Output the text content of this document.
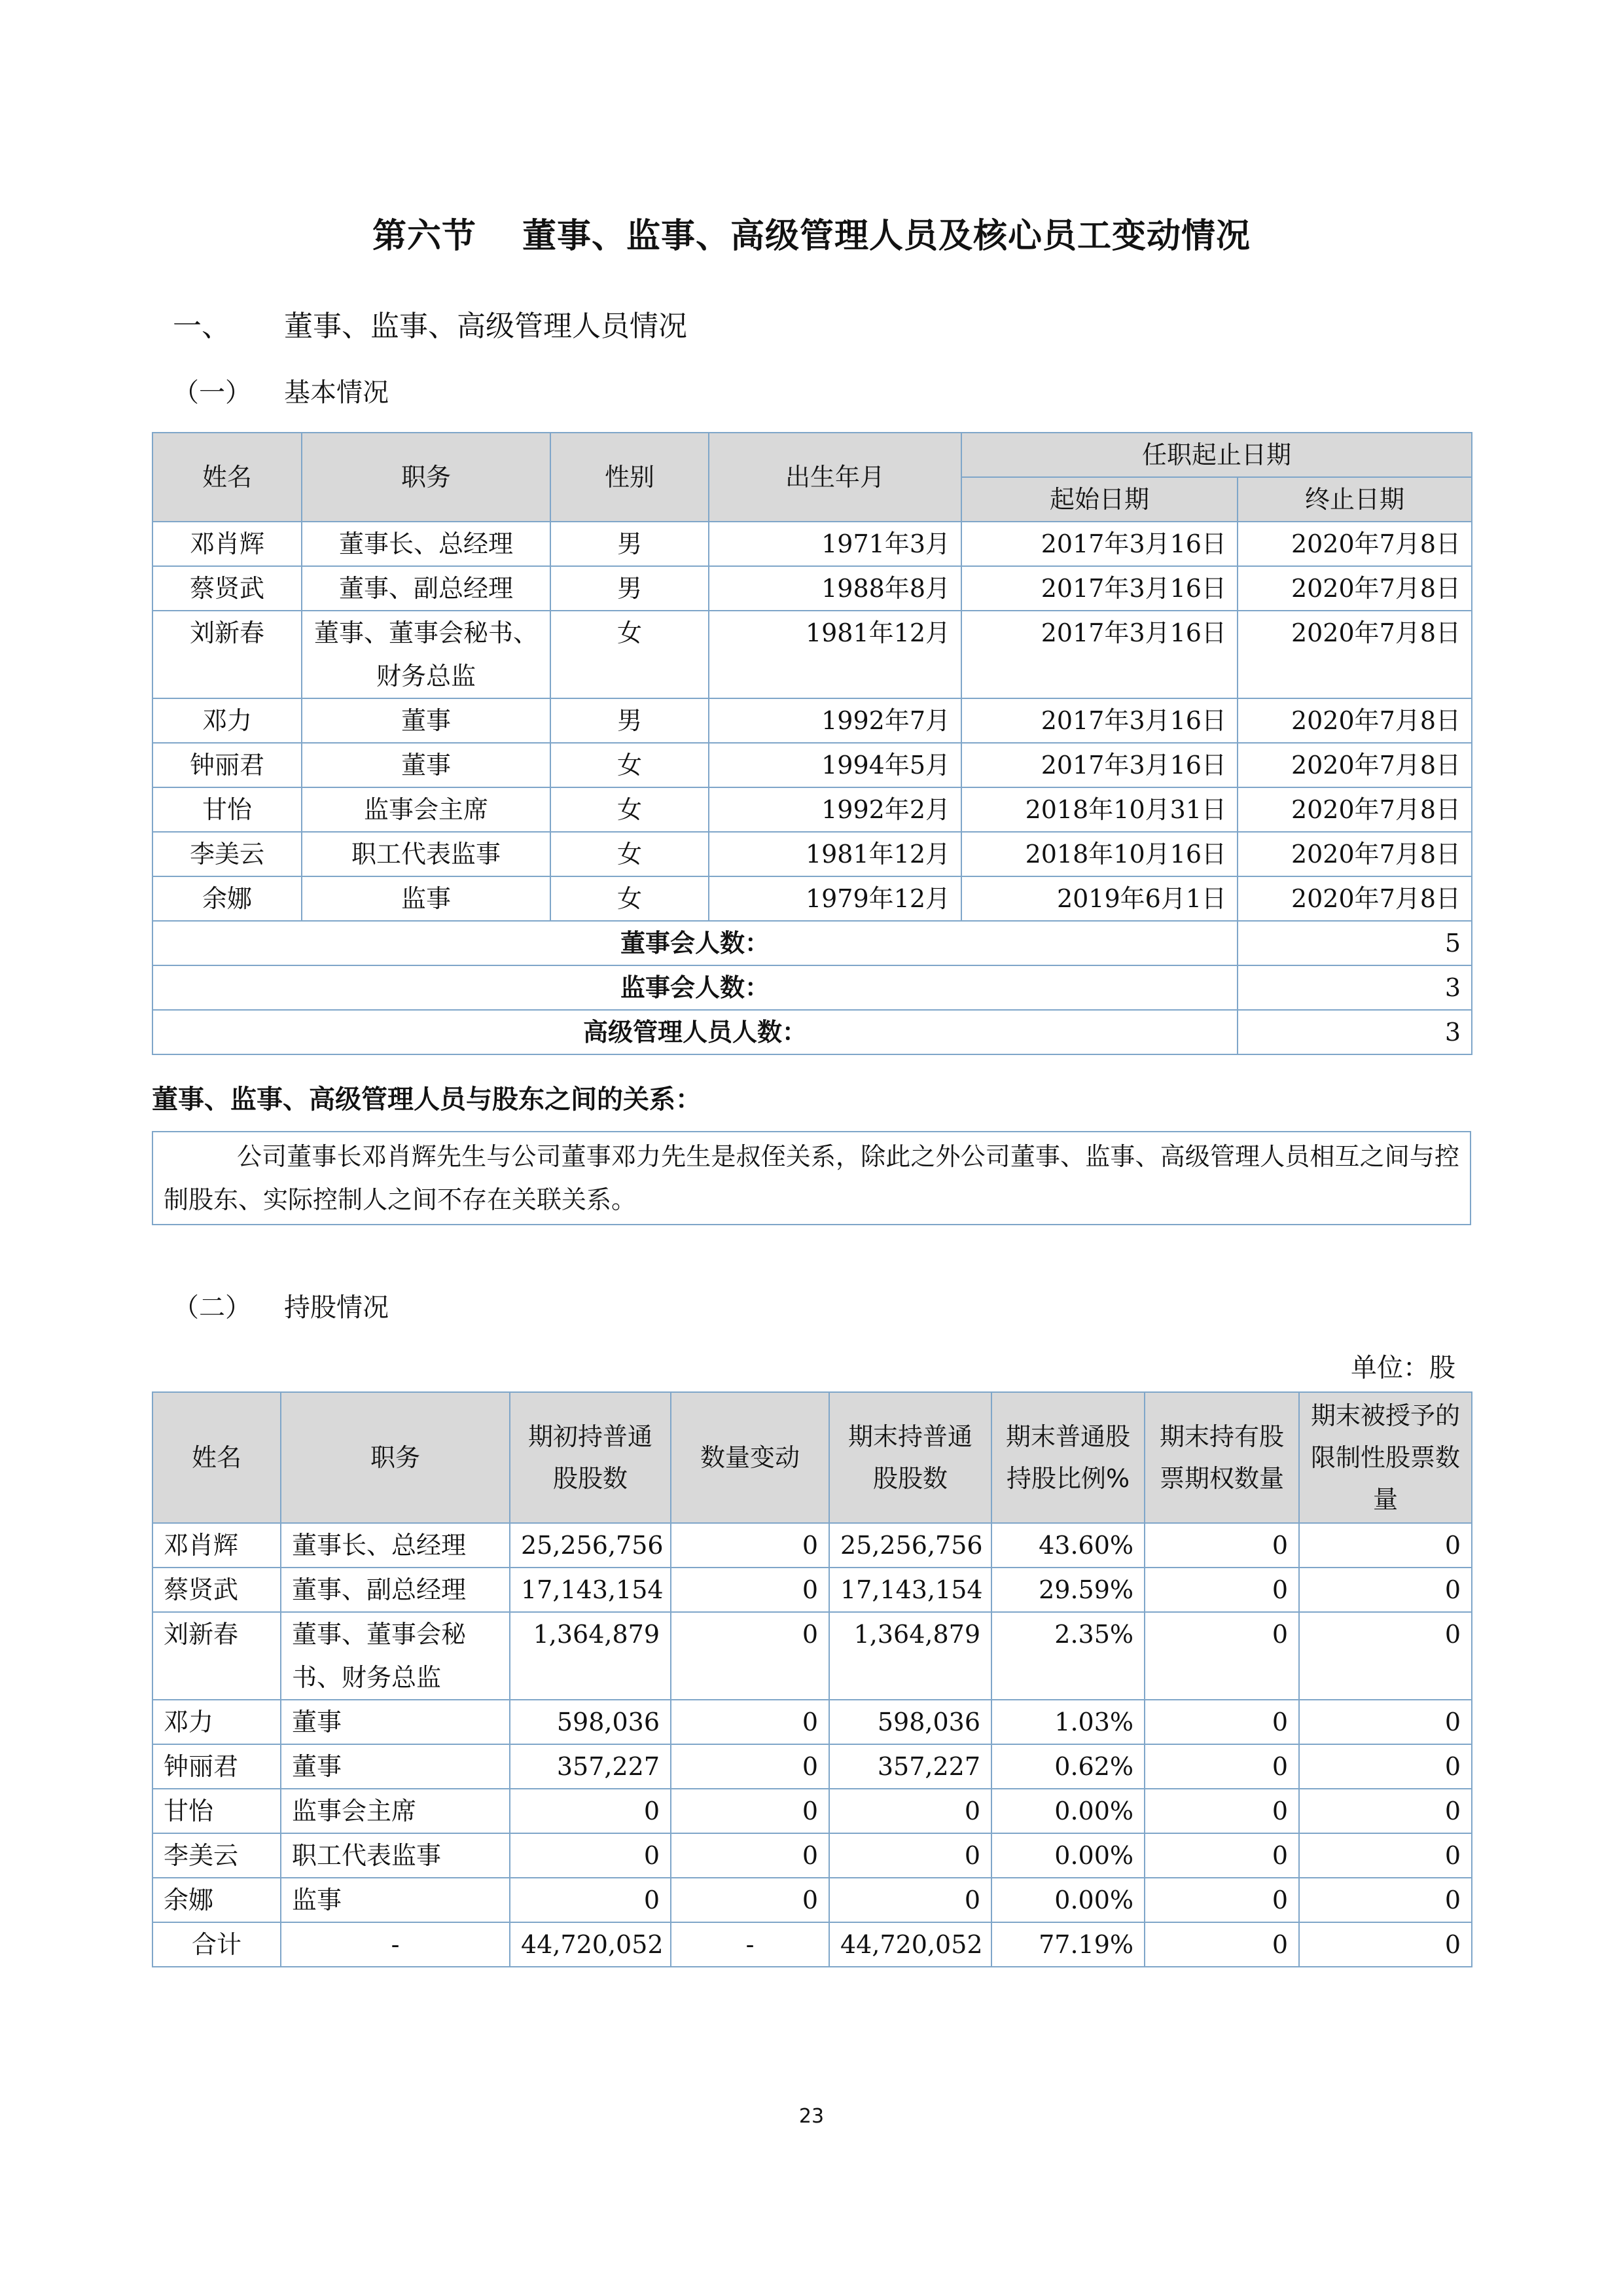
第六节 董事、监事、高级管理人员及核心员工变动情况
一、 董事、监事、高级管理人员情况
（一） 基本情况
姓名	职务	性别	出生年月	任职起止日期	
				起始日期	终止日期
邓肖辉	董事长、总经理	男	1971年3月	2017年3月16日	2020年7月8日
蔡贤武	董事、副总经理	男	1988年8月	2017年3月16日	2020年7月8日
刘新春	董事、董事会秘书、财务总监	女	1981年12月	2017年3月16日	2020年7月8日
邓力	董事	男	1992年7月	2017年3月16日	2020年7月8日
钟丽君	董事	女	1994年5月	2017年3月16日	2020年7月8日
甘怡	监事会主席	女	1992年2月	2018年10月31日	2020年7月8日
李美云	职工代表监事	女	1981年12月	2018年10月16日	2020年7月8日
余娜	监事	女	1979年12月	2019年6月1日	2020年7月8日
董事会人数：					5
监事会人数：					3
高级管理人员人数：					3
董事、监事、高级管理人员与股东之间的关系：
公司董事长邓肖辉先生与公司董事邓力先生是叔侄关系，除此之外公司董事、监事、高级管理人员相互之间与控制股东、实际控制人之间不存在关联关系。
（二） 持股情况
单位：股
姓名	职务	期初持普通股股数	数量变动	期末持普通股股数	期末普通股持股比例%	期末持有股票期权数量	期末被授予的限制性股票数量
邓肖辉	董事长、总经理	25,256,756	0	25,256,756	43.60%	0	0
蔡贤武	董事、副总经理	17,143,154	0	17,143,154	29.59%	0	0
刘新春	董事、董事会秘书、财务总监	1,364,879	0	1,364,879	2.35%	0	0
邓力	董事	598,036	0	598,036	1.03%	0	0
钟丽君	董事	357,227	0	357,227	0.62%	0	0
甘怡	监事会主席	0	0	0	0.00%	0	0
李美云	职工代表监事	0	0	0	0.00%	0	0
余娜	监事	0	0	0	0.00%	0	0
合计	-	44,720,052	-	44,720,052	77.19%	0	0
23
